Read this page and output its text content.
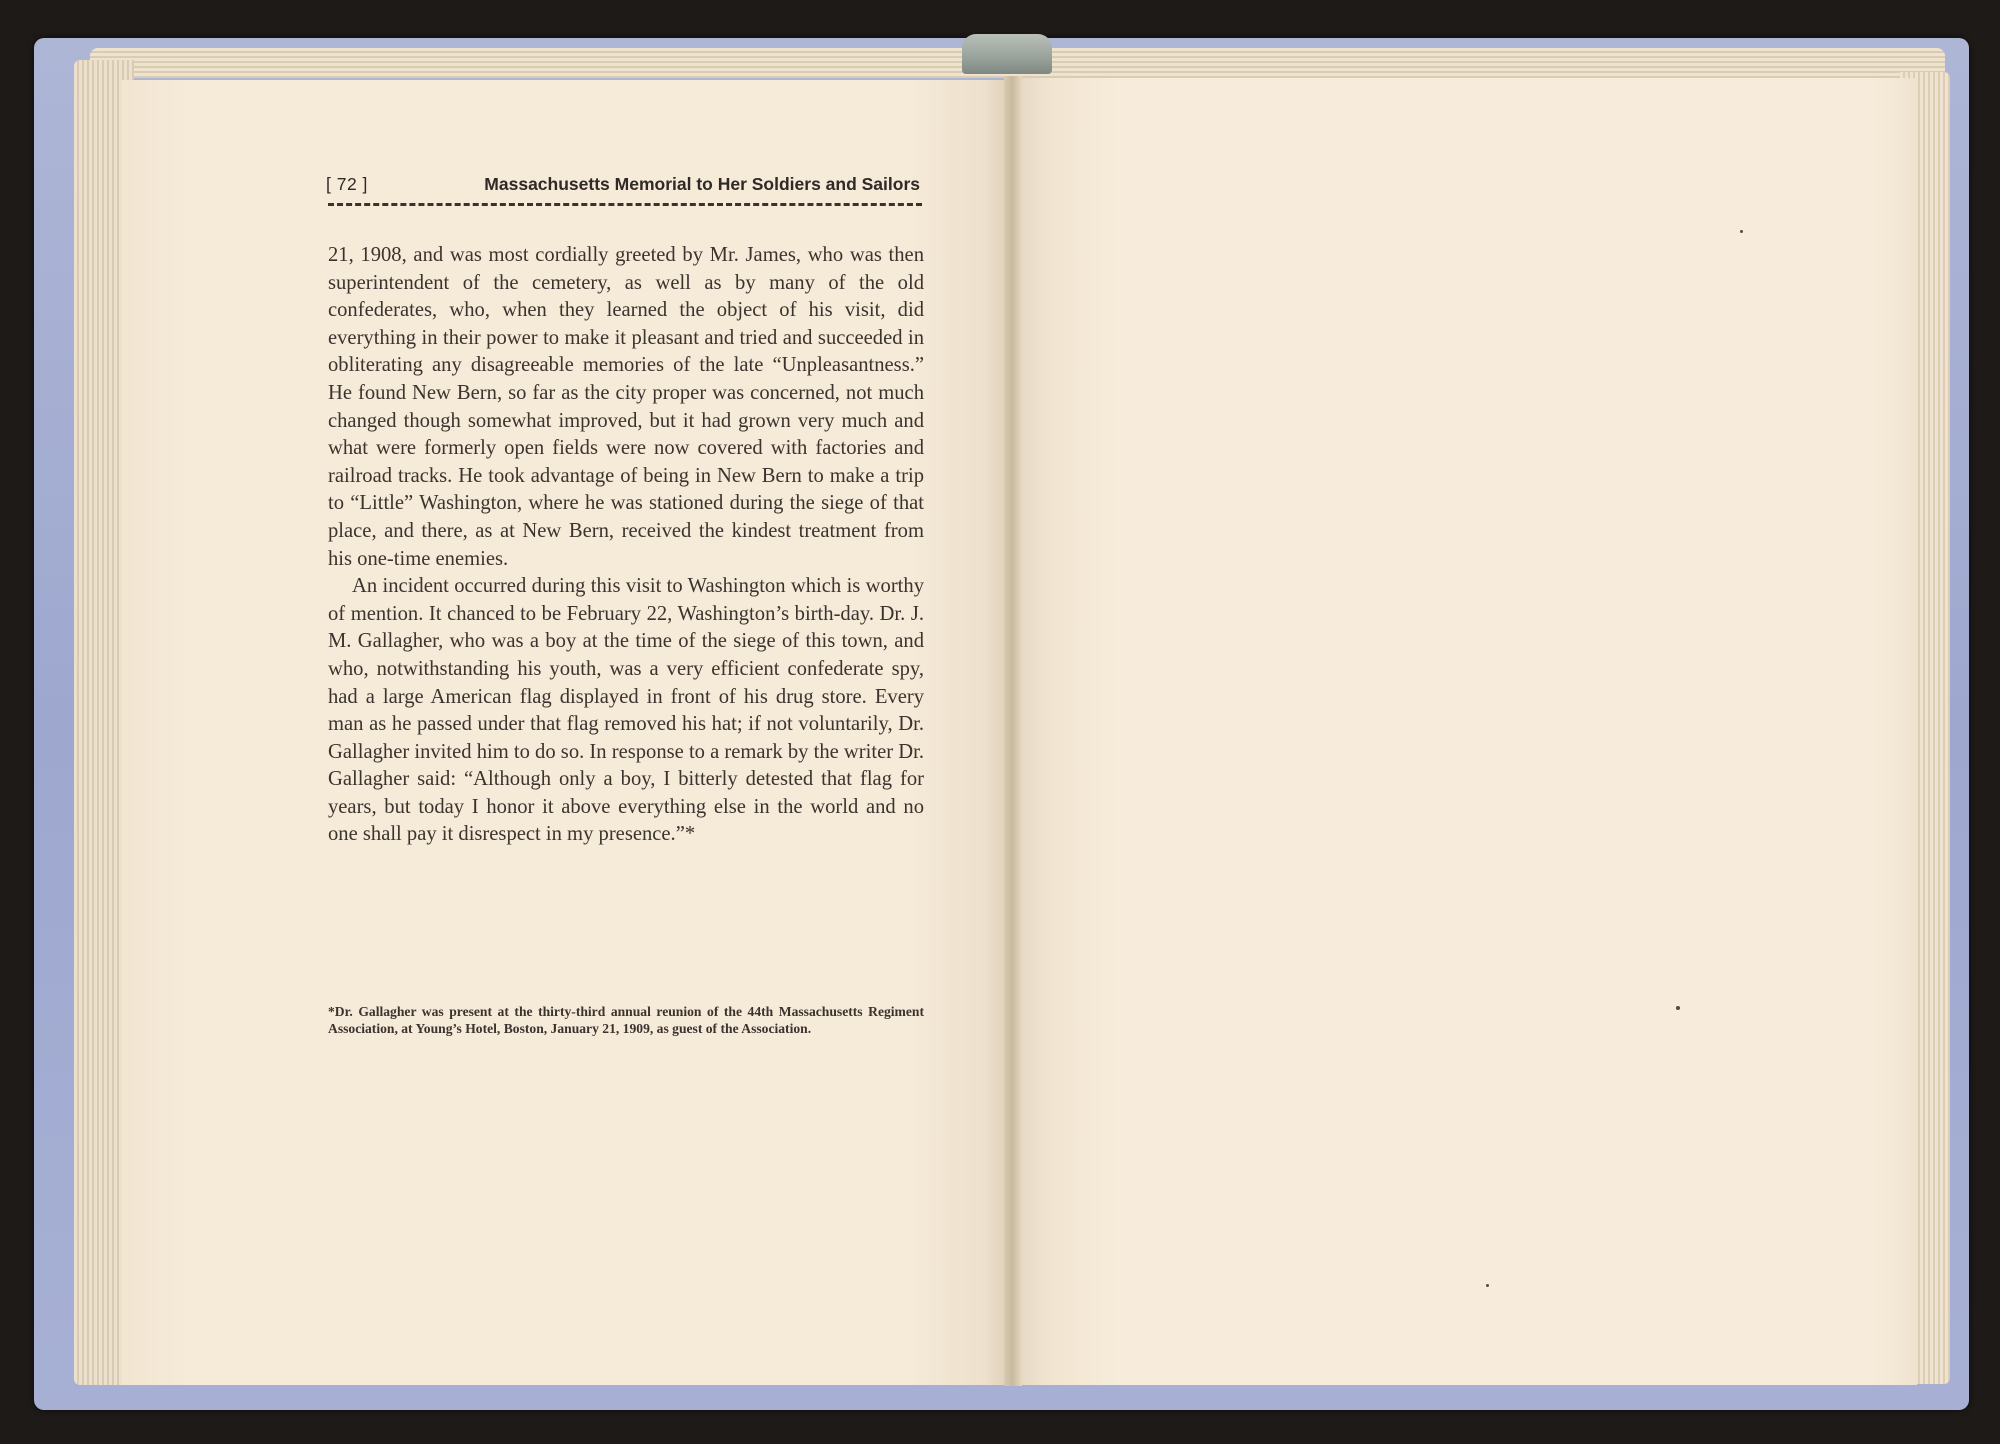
[ 72 ]	Massachusetts Memorial to Her Soldiers and Sailors

21, 1908, and was most cordially greeted by Mr. James, who was then superintendent of the cemetery, as well as by many of the old confederates, who, when they learned the object of his visit, did everything in their power to make it pleasant and tried and succeeded in obliterating any disagreeable memories of the late “Unpleasantness.” He found New Bern, so far as the city proper was concerned, not much changed though somewhat improved, but it had grown very much and what were formerly open fields were now covered with factories and railroad tracks. He took advantage of being in New Bern to make a trip to “Little” Washington, where he was stationed during the siege of that place, and there, as at New Bern, received the kindest treatment from his one-time enemies.

An incident occurred during this visit to Washington which is worthy of mention. It chanced to be February 22, Washington’s birth-day. Dr. J. M. Gallagher, who was a boy at the time of the siege of this town, and who, notwithstanding his youth, was a very efficient confederate spy, had a large American flag displayed in front of his drug store. Every man as he passed under that flag removed his hat; if not voluntarily, Dr. Gallagher invited him to do so. In response to a remark by the writer Dr. Gallagher said: “Although only a boy, I bitterly detested that flag for years, but today I honor it above everything else in the world and no one shall pay it disrespect in my presence.”*

*Dr. Gallagher was present at the thirty-third annual reunion of the 44th Massachusetts Regiment Association, at Young’s Hotel, Boston, January 21, 1909, as guest of the Association.
